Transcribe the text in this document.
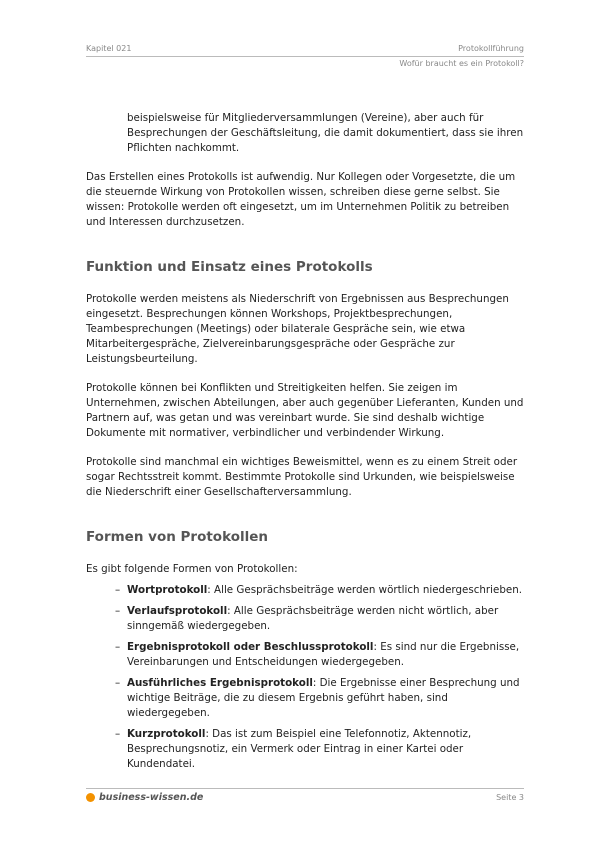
Kapitel 021	Protokollführung
Wofür braucht es ein Protokoll?

beispielsweise für Mitgliederversammlungen (Vereine), aber auch für Besprechungen der Geschäftsleitung, die damit dokumentiert, dass sie ihren Pflichten nachkommt.

Das Erstellen eines Protokolls ist aufwendig. Nur Kollegen oder Vorgesetzte, die um die steuernde Wirkung von Protokollen wissen, schreiben diese gerne selbst. Sie wissen: Protokolle werden oft eingesetzt, um im Unternehmen Politik zu betreiben und Interessen durchzusetzen.

Funktion und Einsatz eines Protokolls

Protokolle werden meistens als Niederschrift von Ergebnissen aus Besprechungen eingesetzt. Besprechungen können Workshops, Projektbesprechungen, Teambesprechungen (Meetings) oder bilaterale Gespräche sein, wie etwa Mitarbeitergespräche, Zielvereinbarungsgespräche oder Gespräche zur Leistungsbeurteilung.

Protokolle können bei Konflikten und Streitigkeiten helfen. Sie zeigen im Unternehmen, zwischen Abteilungen, aber auch gegenüber Lieferanten, Kunden und Partnern auf, was getan und was vereinbart wurde. Sie sind deshalb wichtige Dokumente mit normativer, verbindlicher und verbindender Wirkung.

Protokolle sind manchmal ein wichtiges Beweismittel, wenn es zu einem Streit oder sogar Rechtsstreit kommt. Bestimmte Protokolle sind Urkunden, wie beispielsweise die Niederschrift einer Gesellschafterversammlung.

Formen von Protokollen

Es gibt folgende Formen von Protokollen:

– Wortprotokoll: Alle Gesprächsbeiträge werden wörtlich niedergeschrieben.
– Verlaufsprotokoll: Alle Gesprächsbeiträge werden nicht wörtlich, aber sinngemäß wiedergegeben.
– Ergebnisprotokoll oder Beschlussprotokoll: Es sind nur die Ergebnisse, Vereinbarungen und Entscheidungen wiedergegeben.
– Ausführliches Ergebnisprotokoll: Die Ergebnisse einer Besprechung und wichtige Beiträge, die zu diesem Ergebnis geführt haben, sind wiedergegeben.
– Kurzprotokoll: Das ist zum Beispiel eine Telefonnotiz, Aktennotiz, Besprechungsnotiz, ein Vermerk oder Eintrag in einer Kartei oder Kundendatei.
business-wissen.de	Seite 3
